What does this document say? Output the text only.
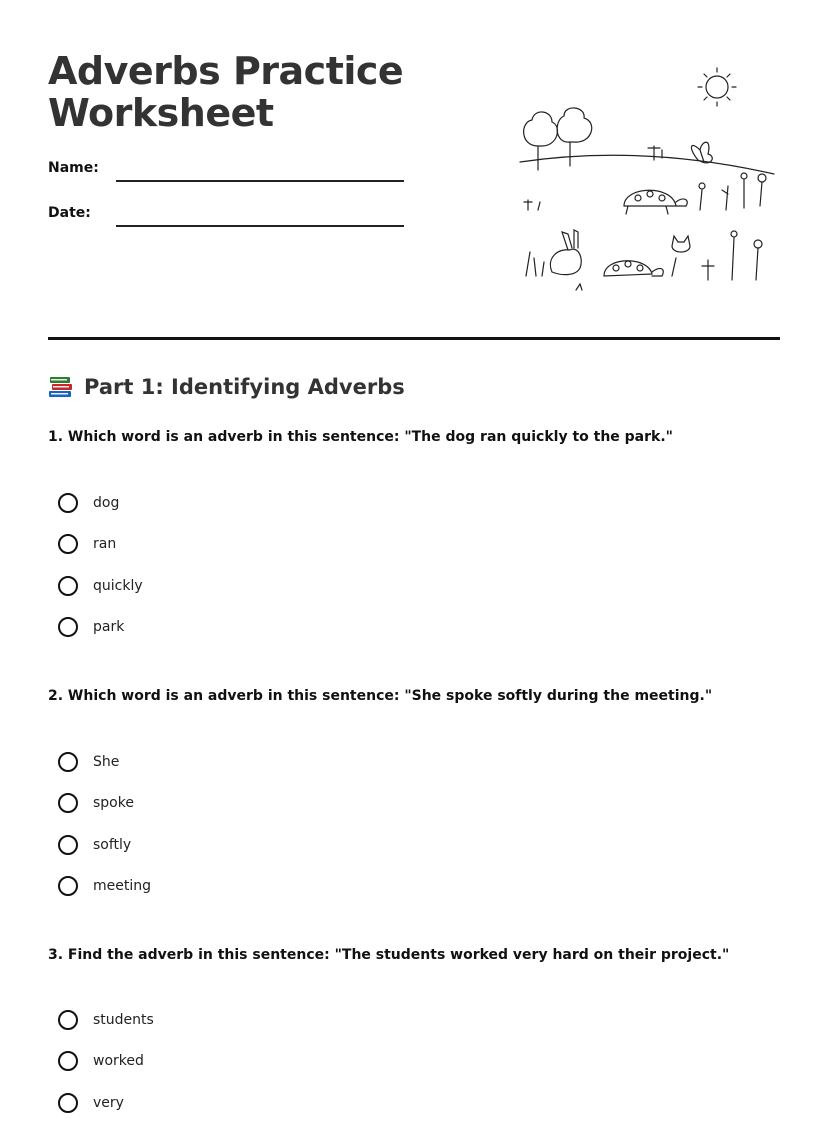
Adverbs Practice
Worksheet
Name:
Date:
Part 1: Identifying Adverbs

1. Which word is an adverb in this sentence: "The dog ran quickly to the park."

dog
ran
quickly
park

2. Which word is an adverb in this sentence: "She spoke softly during the meeting."

She
spoke
softly
meeting

3. Find the adverb in this sentence: "The students worked very hard on their project."

students
worked
very
